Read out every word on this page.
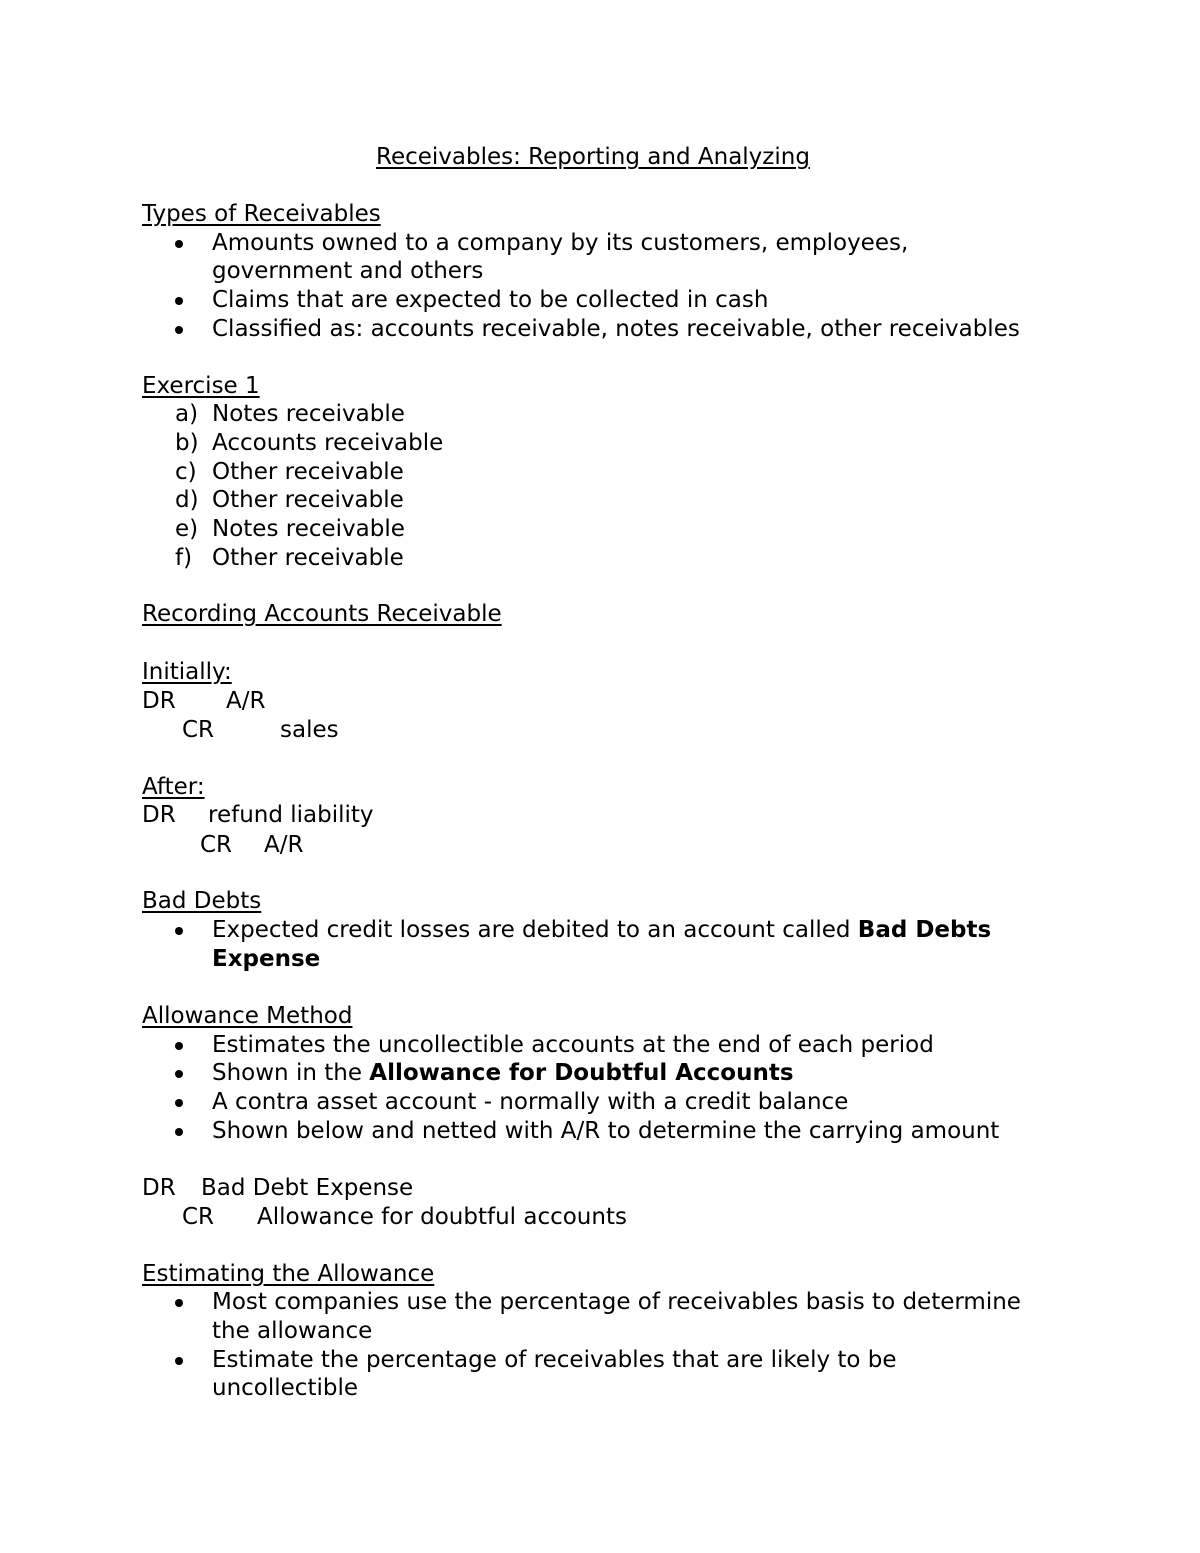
Receivables: Reporting and Analyzing
Types of Receivables
Amounts owned to a company by its customers, employees,
government and others
Claims that are expected to be collected in cash
Classified as: accounts receivable, notes receivable, other receivables
Exercise 1
a) Notes receivable
b) Accounts receivable
c) Other receivable
d) Other receivable
e) Notes receivable
f) Other receivable
Recording Accounts Receivable
Initially:
DR A/R
CR	sales
After:
DR refund liability
CR A/R
Bad Debts
Expected credit losses are debited to an account called Bad Debts
Expense
Allowance Method
Estimates the uncollectible accounts at the end of each period
Shown in the Allowance for Doubtful Accounts
A contra asset account - normally with a credit balance
Shown below and netted with A/R to determine the carrying amount
DR Bad Debt Expense
CR Allowance for doubtful accounts
Estimating the Allowance
Most companies use the percentage of receivables basis to determine
the allowance
Estimate the percentage of receivables that are likely to be
uncollectible
